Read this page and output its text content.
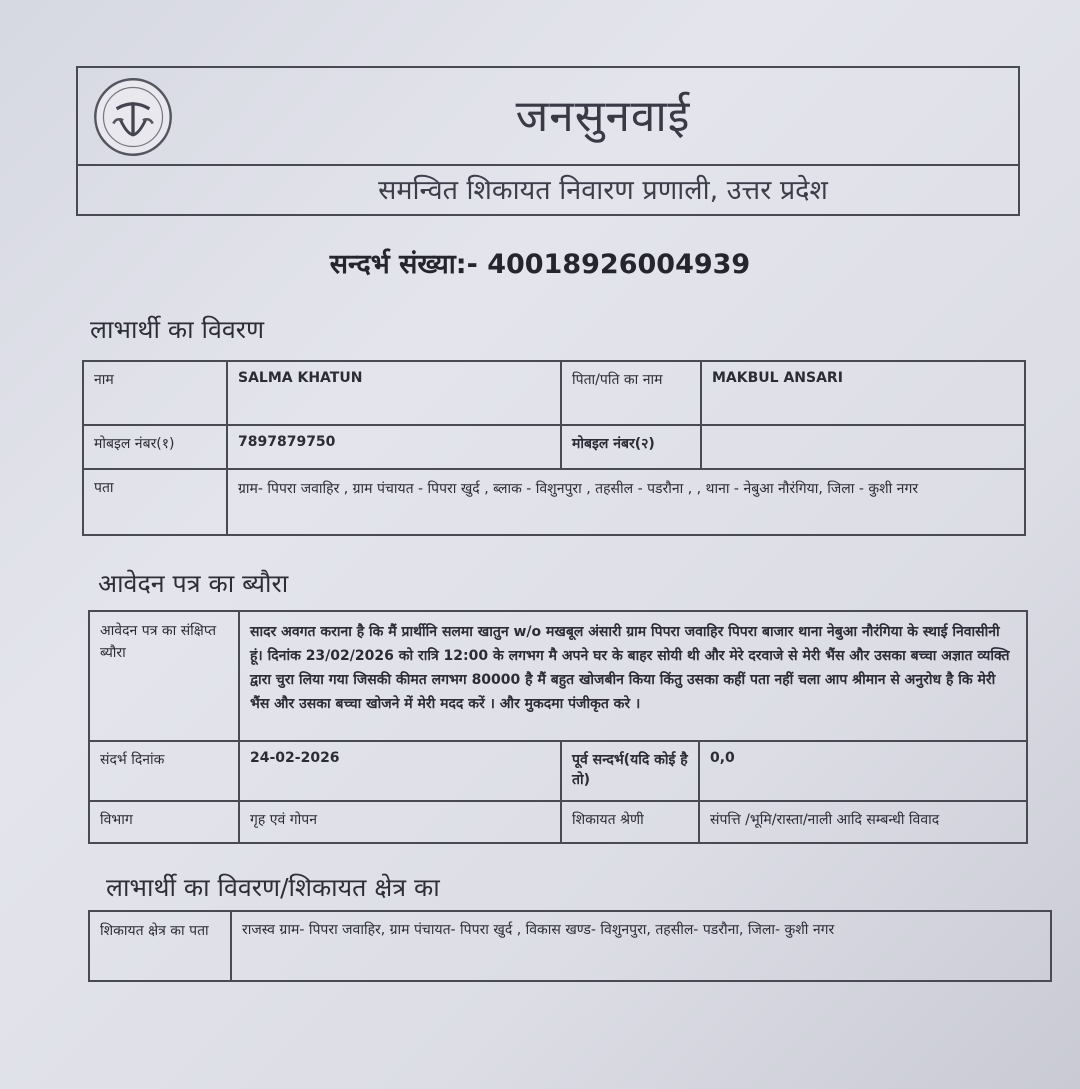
जनसुनवाई
समन्वित शिकायत निवारण प्रणाली, उत्तर प्रदेश
सन्दर्भ संख्या:- 40018926004939
लाभार्थी का विवरण
नाम	SALMA KHATUN	पिता/पति का नाम	MAKBUL ANSARI
मोबइल नंबर(१)	7897879750	मोबइल नंबर(२)	
पता	ग्राम- पिपरा जवाहिर , ग्राम पंचायत - पिपरा खुर्द , ब्लाक - विशुनपुरा , तहसील - पडरौना , , थाना - नेबुआ नौरंगिया, जिला - कुशी नगर		
आवेदन पत्र का ब्यौरा
आवेदन पत्र का संक्षिप्त ब्यौरा	सादर अवगत कराना है कि मैं प्रार्थीनि सलमा खातुन w/o मखबूल अंसारी ग्राम पिपरा जवाहिर पिपरा बाजार थाना नेबुआ नौरंगिया के स्थाई निवासीनी हूं। दिनांक 23/02/2026 को रात्रि 12:00 के लगभग मै अपने घर के बाहर सोयी थी और मेरे दरवाजे से मेरी भैंस और उसका बच्चा अज्ञात व्यक्ति द्वारा चुरा लिया गया जिसकी कीमत लगभग 80000 है मैं बहुत खोजबीन किया किंतु उसका कहीं पता नहीं चला आप श्रीमान से अनुरोध है कि मेरी भैंस और उसका बच्चा खोजने में मेरी मदद करें । और मुकदमा पंजीकृत करे ।		
संदर्भ दिनांक	24-02-2026	पूर्व सन्दर्भ(यदि कोई है तो)	0,0
विभाग	गृह एवं गोपन	शिकायत श्रेणी	संपत्ति /भूमि/रास्ता/नाली आदि सम्बन्धी विवाद
लाभार्थी का विवरण/शिकायत क्षेत्र का
शिकायत क्षेत्र का पता	राजस्व ग्राम- पिपरा जवाहिर, ग्राम पंचायत- पिपरा खुर्द , विकास खण्ड- विशुनपुरा, तहसील- पडरौना, जिला- कुशी नगर
